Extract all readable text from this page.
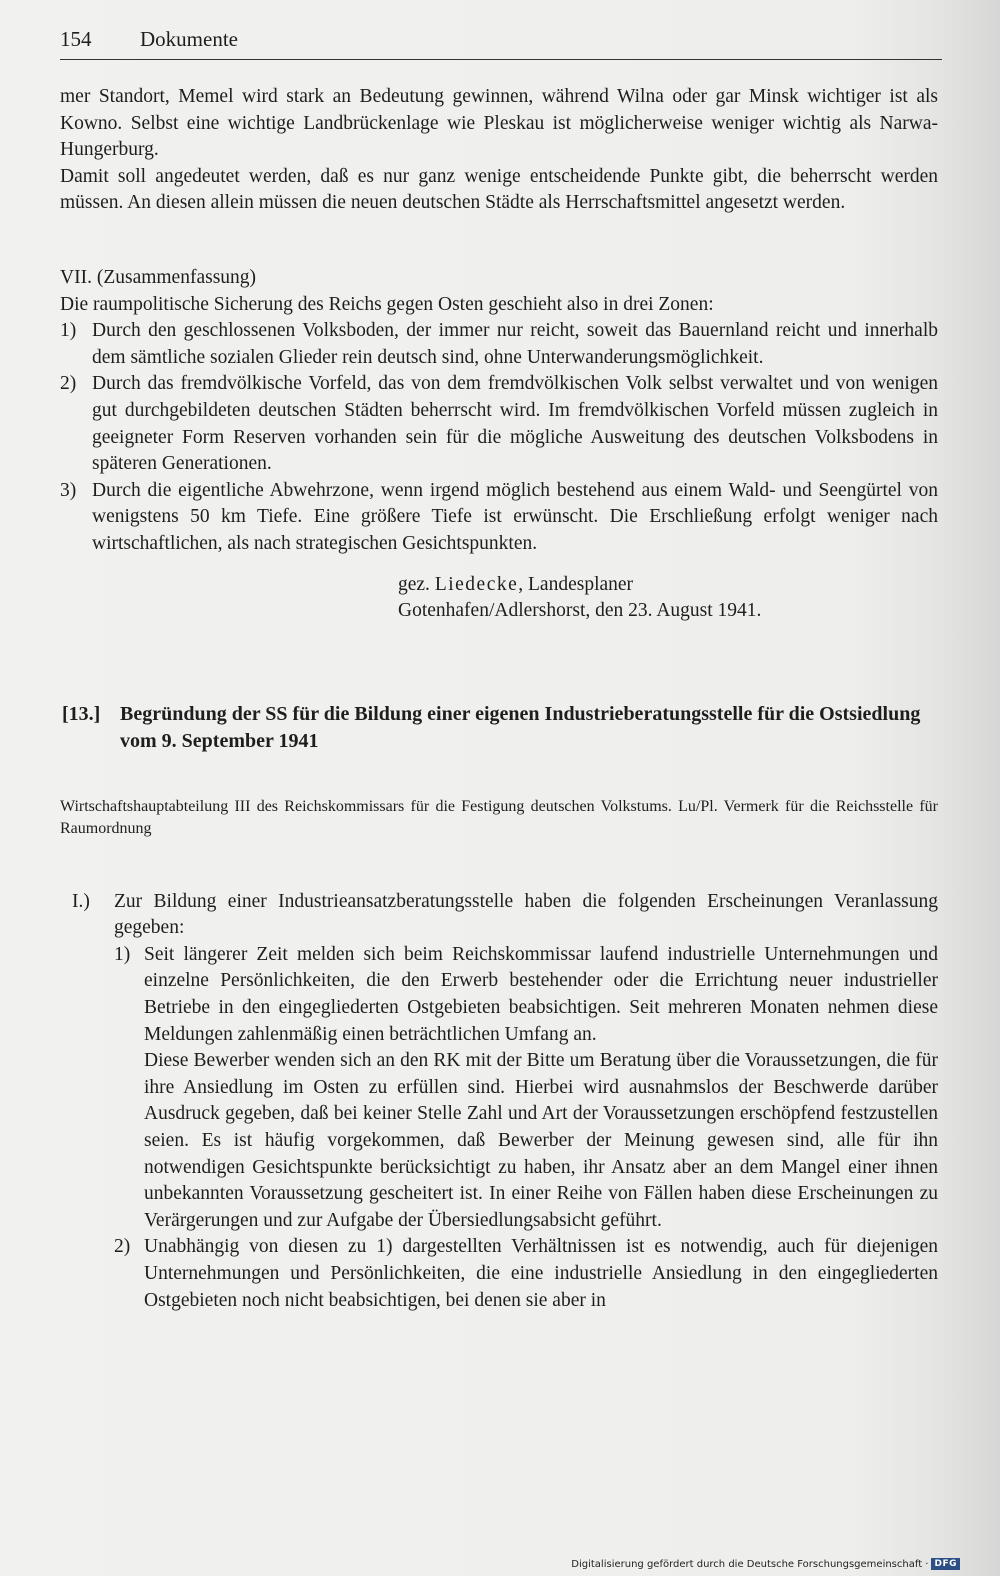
154 Dokumente

mer Standort, Memel wird stark an Bedeutung gewinnen, während Wilna oder gar Minsk wichtiger ist als Kowno. Selbst eine wichtige Landbrückenlage wie Pleskau ist möglicherweise weniger wichtig als Narwa-Hungerburg.

Damit soll angedeutet werden, daß es nur ganz wenige entscheidende Punkte gibt, die beherrscht werden müssen. An diesen allein müssen die neuen deutschen Städte als Herrschaftsmittel angesetzt werden.

VII. (Zusammenfassung)

Die raumpolitische Sicherung des Reichs gegen Osten geschieht also in drei Zonen:

1) Durch den geschlossenen Volksboden, der immer nur reicht, soweit das Bauernland reicht und innerhalb dem sämtliche sozialen Glieder rein deutsch sind, ohne Unterwanderungsmöglichkeit.
2) Durch das fremdvölkische Vorfeld, das von dem fremdvölkischen Volk selbst verwaltet und von wenigen gut durchgebildeten deutschen Städten beherrscht wird. Im fremdvölkischen Vorfeld müssen zugleich in geeigneter Form Reserven vorhanden sein für die mögliche Ausweitung des deutschen Volksbodens in späteren Generationen.
3) Durch die eigentliche Abwehrzone, wenn irgend möglich bestehend aus einem Wald- und Seengürtel von wenigstens 50 km Tiefe. Eine größere Tiefe ist erwünscht. Die Erschließung erfolgt weniger nach wirtschaftlichen, als nach strategischen Gesichtspunkten.

gez. Liedecke, Landesplaner

Gotenhafen/Adlershorst, den 23. August 1941.

[13.] Begründung der SS für die Bildung einer eigenen Industrieberatungsstelle für die Ostsiedlung vom 9. September 1941

Wirtschaftshauptabteilung III des Reichskommissars für die Festigung deutschen Volkstums. Lu/Pl. Vermerk für die Reichsstelle für Raumordnung

I.) Zur Bildung einer Industrieansatzberatungsstelle haben die folgenden Erscheinungen Veranlassung gegeben:

1) Seit längerer Zeit melden sich beim Reichskommissar laufend industrielle Unternehmungen und einzelne Persönlichkeiten, die den Erwerb bestehender oder die Errichtung neuer industrieller Betriebe in den eingegliederten Ostgebieten beabsichtigen. Seit mehreren Monaten nehmen diese Meldungen zahlenmäßig einen beträchtlichen Umfang an.

Diese Bewerber wenden sich an den RK mit der Bitte um Beratung über die Voraussetzungen, die für ihre Ansiedlung im Osten zu erfüllen sind. Hierbei wird ausnahmslos der Beschwerde darüber Ausdruck gegeben, daß bei keiner Stelle Zahl und Art der Voraussetzungen erschöpfend festzustellen seien. Es ist häufig vorgekommen, daß Bewerber der Meinung gewesen sind, alle für ihn notwendigen Gesichtspunkte berücksichtigt zu haben, ihr Ansatz aber an dem Mangel einer ihnen unbekannten Voraussetzung gescheitert ist. In einer Reihe von Fällen haben diese Erscheinungen zu Verärgerungen und zur Aufgabe der Übersiedlungsabsicht geführt.

2) Unabhängig von diesen zu 1) dargestellten Verhältnissen ist es notwendig, auch für diejenigen Unternehmungen und Persönlichkeiten, die eine industrielle Ansiedlung in den eingegliederten Ostgebieten noch nicht beabsichtigen, bei denen sie aber in

Digitalisierung gefördert durch die Deutsche Forschungsgemeinschaft · DFG
